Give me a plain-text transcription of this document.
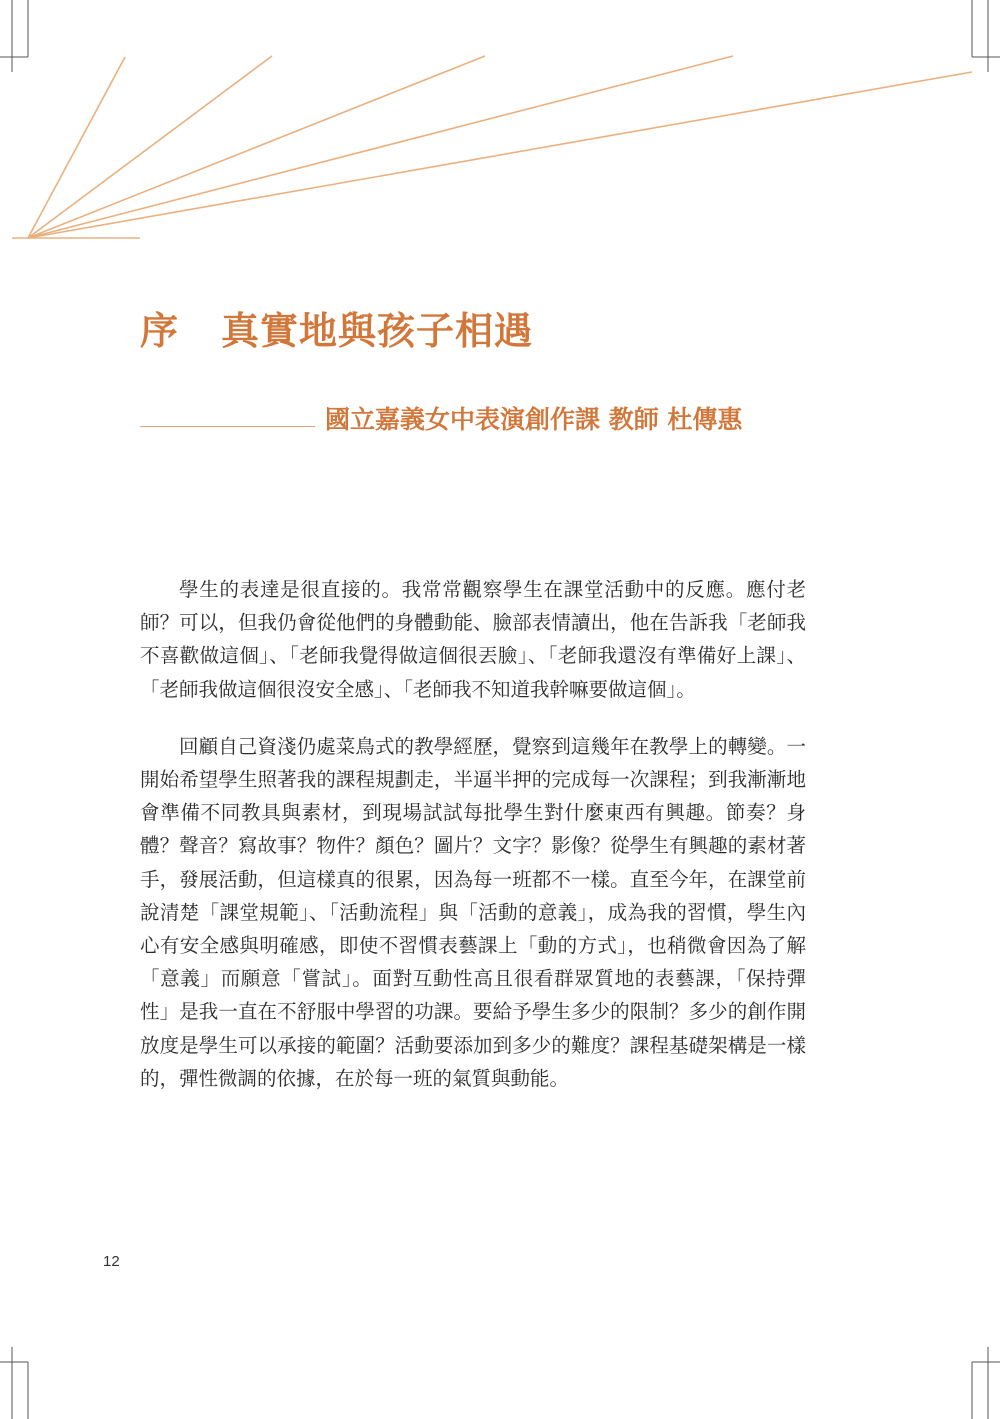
序 真實地與孩子相遇
國立嘉義女中表演創作課 教師 杜傳惠

學生的表達是很直接的。我常常觀察學生在課堂活動中的反應。應付老師？可以，但我仍會從他們的身體動能、臉部表情讀出，他在告訴我「老師我不喜歡做這個」、「老師我覺得做這個很丟臉」、「老師我還沒有準備好上課」、「老師我做這個很沒安全感」、「老師我不知道我幹嘛要做這個」。

回顧自己資淺仍處菜鳥式的教學經歷，覺察到這幾年在教學上的轉變。一開始希望學生照著我的課程規劃走，半逼半押的完成每一次課程；到我漸漸地會準備不同教具與素材，到現場試試每批學生對什麼東西有興趣。節奏？身體？聲音？寫故事？物件？顏色？圖片？文字？影像？從學生有興趣的素材著手，發展活動，但這樣真的很累，因為每一班都不一樣。直至今年，在課堂前說清楚「課堂規範」、「活動流程」與「活動的意義」，成為我的習慣，學生內心有安全感與明確感，即使不習慣表藝課上「動的方式」，也稍微會因為了解「意義」而願意「嘗試」。面對互動性高且很看群眾質地的表藝課，「保持彈性」是我一直在不舒服中學習的功課。要給予學生多少的限制？多少的創作開放度是學生可以承接的範圍？活動要添加到多少的難度？課程基礎架構是一樣的，彈性微調的依據，在於每一班的氣質與動能。

12
